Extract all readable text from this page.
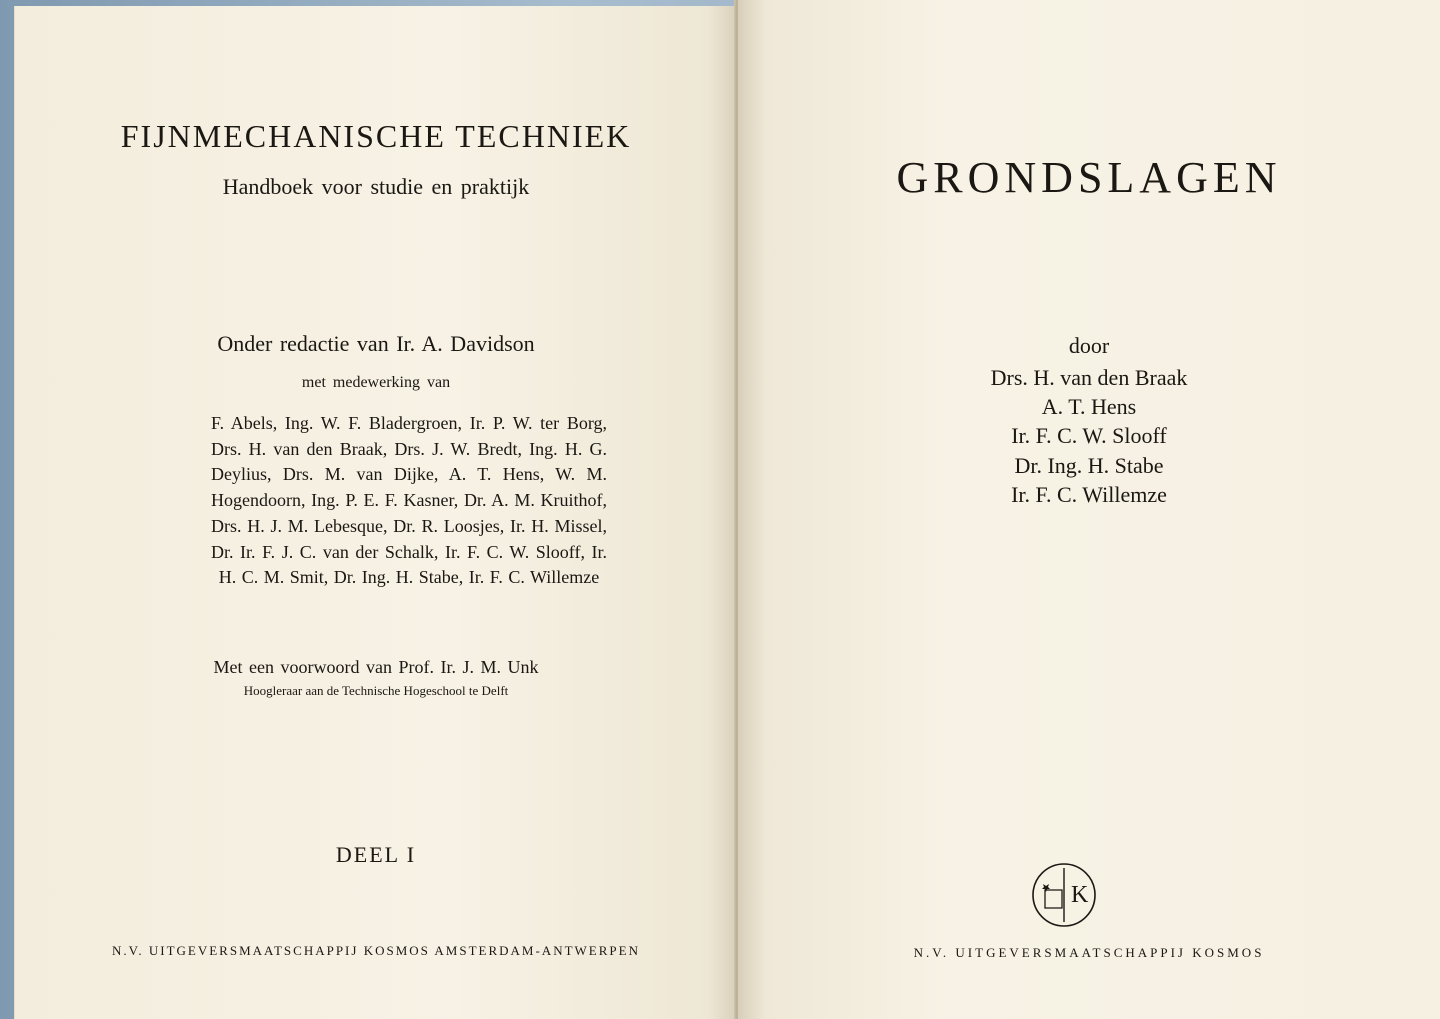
FIJNMECHANISCHE TECHNIEK
Handboek voor studie en praktijk
Onder redactie van Ir. A. Davidson
met medewerking van
F. Abels, Ing. W. F. Bladergroen, Ir. P. W. ter Borg, Drs. H. van den Braak, Drs. J. W. Bredt, Ing. H. G. Deylius, Drs. M. van Dijke, A. T. Hens, W. M. Hogendoorn, Ing. P. E. F. Kasner, Dr. A. M. Kruithof, Drs. H. J. M. Lebesque, Dr. R. Loosjes, Ir. H. Missel, Dr. Ir. F. J. C. van der Schalk, Ir. F. C. W. Slooff, Ir. H. C. M. Smit, Dr. Ing. H. Stabe, Ir. F. C. Willemze
Met een voorwoord van Prof. Ir. J. M. Unk
Hoogleraar aan de Technische Hogeschool te Delft
DEEL I
N.V. UITGEVERSMAATSCHAPPIJ KOSMOS AMSTERDAM-ANTWERPEN
GRONDSLAGEN
door
Drs. H. van den Braak
A. T. Hens
Ir. F. C. W. Slooff
Dr. Ing. H. Stabe
Ir. F. C. Willemze
K
N.V. UITGEVERSMAATSCHAPPIJ KOSMOS
